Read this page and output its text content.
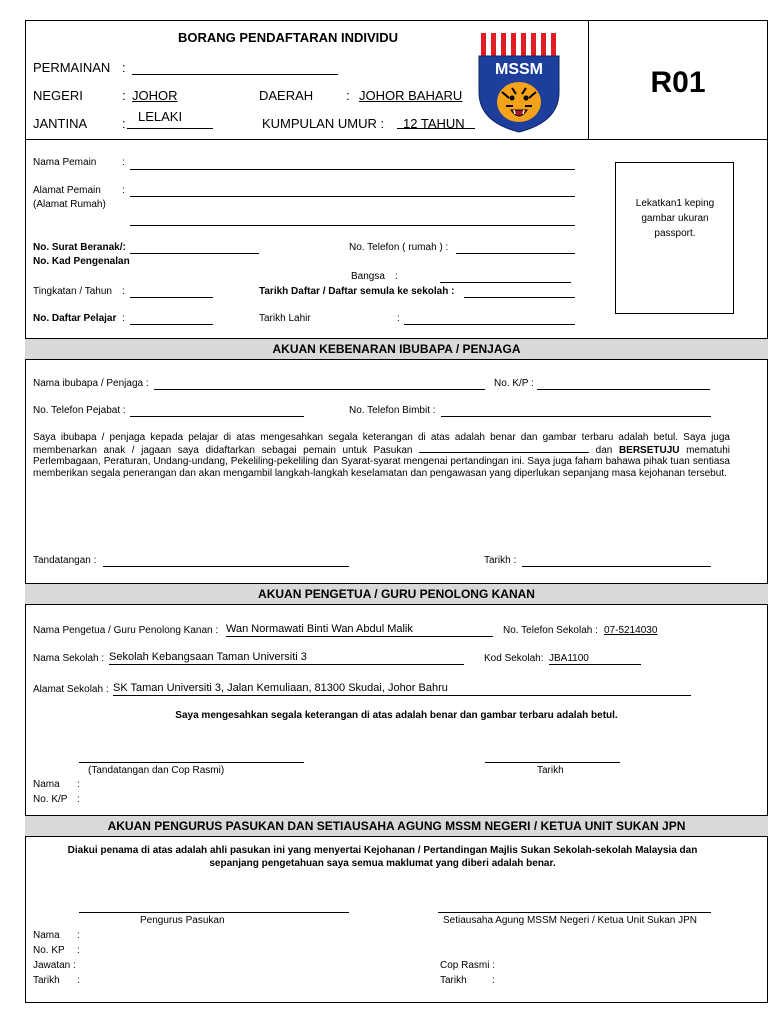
BORANG PENDAFTARAN INDIVIDU
PERMAINAN :
NEGERI	: JOHOR	DAERAH	: JOHOR BAHARU
JANTINA	: LELAKI	KUMPULAN UMUR : 12 TAHUN
MSSM	R01
Nama Pemain	:
Alamat Pemain
(Alamat Rumah)
:
No. Surat Beranak/:
No. Kad Pengenalan
No. Telefon ( rumah ) :
Bangsa :
Tingkatan / Tahun :	Tarikh Daftar / Daftar semula ke sekolah :
No. Daftar Pelajar :	Tarikh Lahir	:
Lekatkan1 keping gambar ukuran passport.
AKUAN KEBENARAN IBUBAPA / PENJAGA
Nama ibubapa / Penjaga :	No. K/P :
No. Telefon Pejabat :	No. Telefon Bimbit :
Saya ibubapa / penjaga kepada pelajar di atas mengesahkan segala keterangan di atas adalah benar dan gambar terbaru adalah betul. Saya juga membenarkan anak / jagaan saya didaftarkan sebagai pemain untuk Pasukan	dan BERSETUJU mematuhi Perlembagaan, Peraturan, Undang-undang, Pekeliling-pekeliling dan Syarat-syarat mengenai pertandingan ini. Saya juga faham bahawa pihak tuan sentiasa memberikan segala penerangan dan akan mengambil langkah-langkah keselamatan dan pengawasan yang diperlukan sepanjang masa kejohanan tersebut.
Tandatangan :	Tarikh :
AKUAN PENGETUA / GURU PENOLONG KANAN
Nama Pengetua / Guru Penolong Kanan : Wan Normawati Binti Wan Abdul Malik	No. Telefon Sekolah : 07-5214030
Nama Sekolah : Sekolah Kebangsaan Taman Universiti 3	Kod Sekolah: JBA1100
Alamat Sekolah : SK Taman Universiti 3, Jalan Kemuliaan, 81300 Skudai, Johor Bahru
Saya mengesahkan segala keterangan di atas adalah benar dan gambar terbaru adalah betul.
(Tandatangan dan Cop Rasmi)	Tarikh
Nama :
No. K/P :
AKUAN PENGURUS PASUKAN DAN SETIAUSAHA AGUNG MSSM NEGERI / KETUA UNIT SUKAN JPN
Diakui penama di atas adalah ahli pasukan ini yang menyertai Kejohanan / Pertandingan Majlis Sukan Sekolah-sekolah Malaysia dan sepanjang pengetahuan saya semua maklumat yang diberi adalah benar.
Pengurus Pasukan	Setiausaha Agung MSSM Negeri / Ketua Unit Sukan JPN
Nama :
No. KP :
Jawatan :
Tarikh :
Cop Rasmi :
Tarikh	:
